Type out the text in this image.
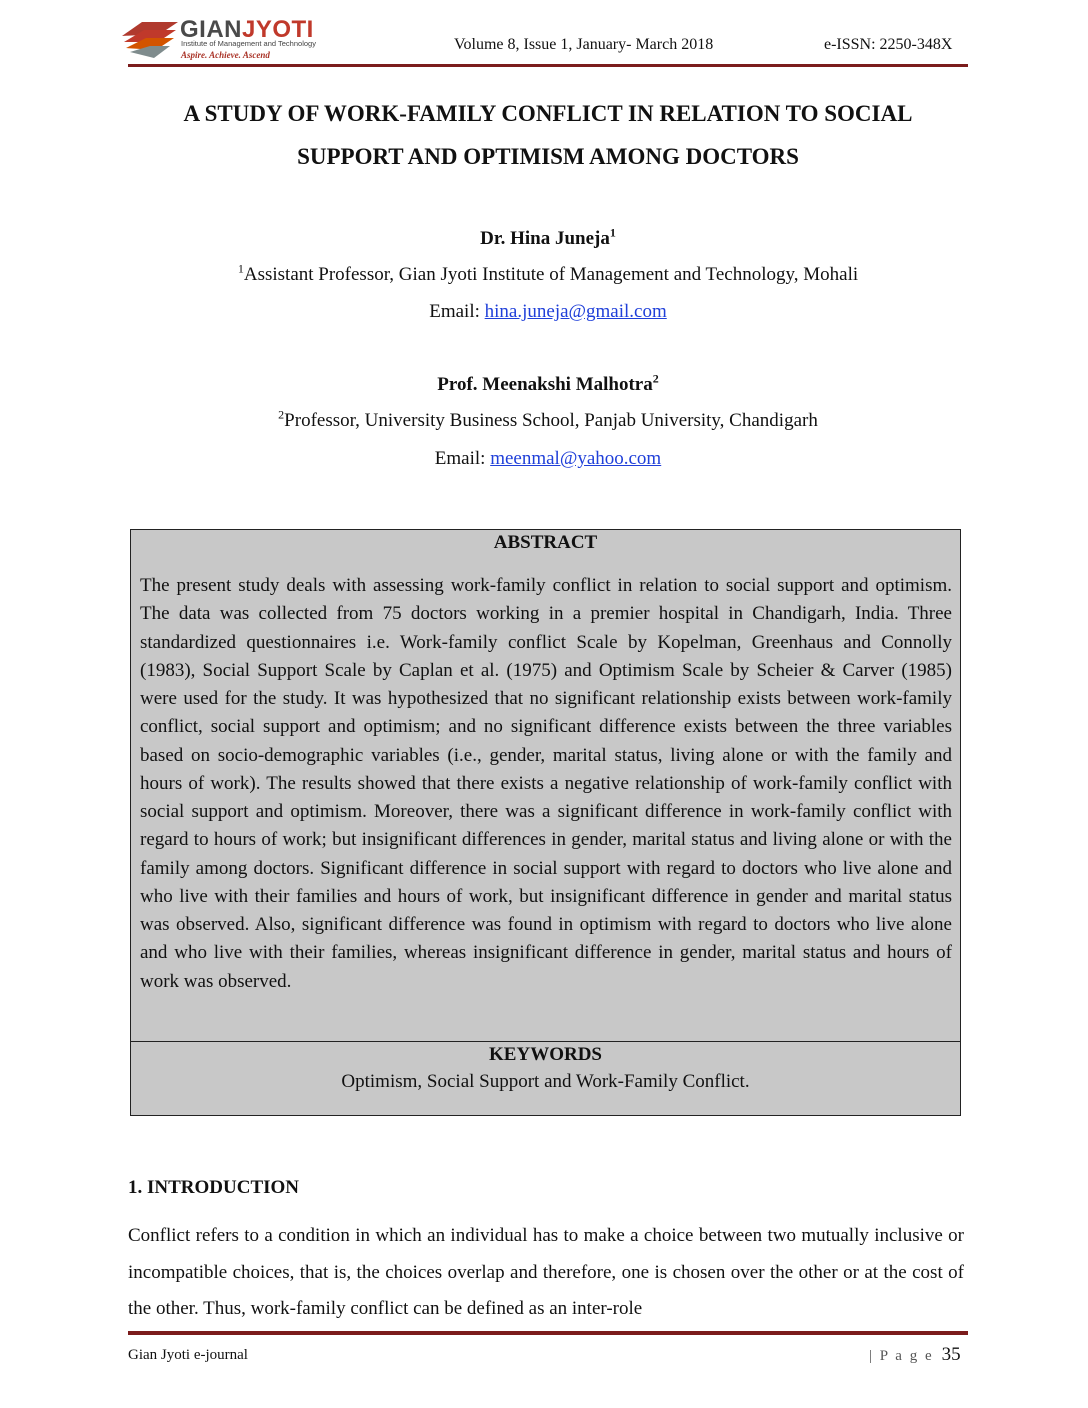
GIANJYOTI
Institute of Management and Technology
Aspire. Achieve. Ascend
Volume 8, Issue 1, January- March 2018	e-ISSN: 2250-348X
A STUDY OF WORK-FAMILY CONFLICT IN RELATION TO SOCIAL
SUPPORT AND OPTIMISM AMONG DOCTORS
Dr. Hina Juneja$^1$
$^1$Assistant Professor, Gian Jyoti Institute of Management and Technology, Mohali
Email: hina.juneja@gmail.com
Prof. Meenakshi Malhotra$^2$
$^2$Professor, University Business School, Panjab University, Chandigarh
Email: meenmal@yahoo.com
ABSTRACT

The present study deals with assessing work-family conflict in relation to social support and optimism. The data was collected from 75 doctors working in a premier hospital in Chandigarh, India. Three standardized questionnaires i.e. Work-family conflict Scale by Kopelman, Greenhaus and Connolly (1983), Social Support Scale by Caplan et al. (1975) and Optimism Scale by Scheier & Carver (1985) were used for the study. It was hypothesized that no significant relationship exists between work-family conflict, social support and optimism; and no significant difference exists between the three variables based on socio-demographic variables (i.e., gender, marital status, living alone or with the family and hours of work). The results showed that there exists a negative relationship of work-family conflict with social support and optimism. Moreover, there was a significant difference in work-family conflict with regard to hours of work; but insignificant differences in gender, marital status and living alone or with the family among doctors. Significant difference in social support with regard to doctors who live alone and who live with their families and hours of work, but insignificant difference in gender and marital status was observed. Also, significant difference was found in optimism with regard to doctors who live alone and who live with their families, whereas insignificant difference in gender, marital status and hours of work was observed.

KEYWORDS
Optimism, Social Support and Work-Family Conflict.
1. INTRODUCTION

Conflict refers to a condition in which an individual has to make a choice between two mutually inclusive or incompatible choices, that is, the choices overlap and therefore, one is chosen over the other or at the cost of the other. Thus, work-family conflict can be defined as an inter-role

Gian Jyoti e-journal	| P a g e 35
